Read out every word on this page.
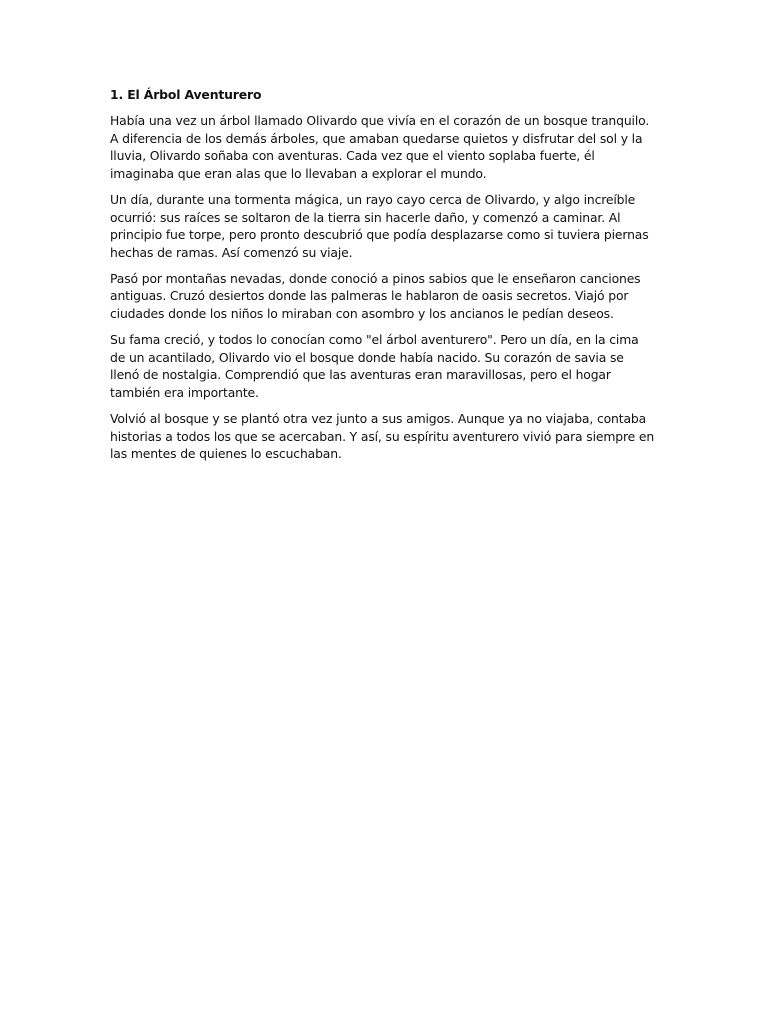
1. El Árbol Aventurero

Había una vez un árbol llamado Olivardo que vivía en el corazón de un bosque tranquilo. A diferencia de los demás árboles, que amaban quedarse quietos y disfrutar del sol y la lluvia, Olivardo soñaba con aventuras. Cada vez que el viento soplaba fuerte, él imaginaba que eran alas que lo llevaban a explorar el mundo.

Un día, durante una tormenta mágica, un rayo cayo cerca de Olivardo, y algo increíble ocurrió: sus raíces se soltaron de la tierra sin hacerle daño, y comenzó a caminar. Al principio fue torpe, pero pronto descubrió que podía desplazarse como si tuviera piernas hechas de ramas. Así comenzó su viaje.

Pasó por montañas nevadas, donde conoció a pinos sabios que le enseñaron canciones antiguas. Cruzó desiertos donde las palmeras le hablaron de oasis secretos. Viajó por ciudades donde los niños lo miraban con asombro y los ancianos le pedían deseos.

Su fama creció, y todos lo conocían como "el árbol aventurero". Pero un día, en la cima de un acantilado, Olivardo vio el bosque donde había nacido. Su corazón de savia se llenó de nostalgia. Comprendió que las aventuras eran maravillosas, pero el hogar también era importante.

Volvió al bosque y se plantó otra vez junto a sus amigos. Aunque ya no viajaba, contaba historias a todos los que se acercaban. Y así, su espíritu aventurero vivió para siempre en las mentes de quienes lo escuchaban.
